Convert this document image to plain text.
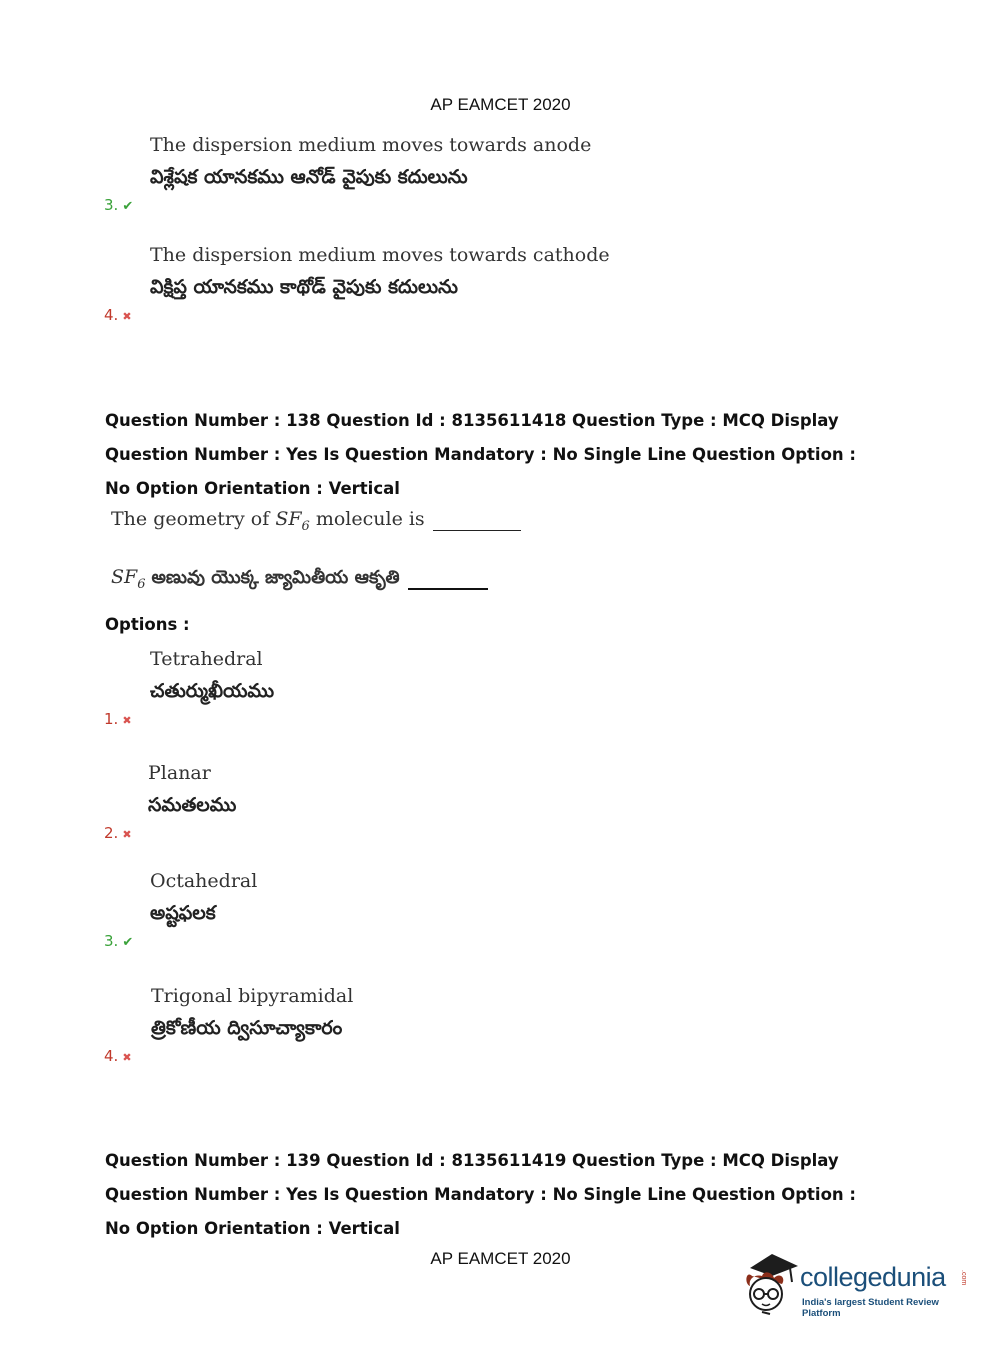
AP EAMCET 2020
The dispersion medium moves towards anode
విశ్లేషక యానకము ఆనోడ్ వైపుకు కదులును
3. ✔
The dispersion medium moves towards cathode
విక్షిప్త యానకము కాథోడ్ వైపుకు కదులును
4. ✖
Question Number : 138 Question Id : 8135611418 Question Type : MCQ Display Question Number : Yes Is Question Mandatory : No Single Line Question Option : No Option Orientation : Vertical
The geometry of $SF_6$ molecule is
$SF_6$ అణువు యొక్క జ్యామితీయ ఆకృతి
Options :
Tetrahedral
చతుర్ముఖీయము
1. ✖
Planar
సమతలము
2. ✖
Octahedral
అష్టఫలక
3. ✔
Trigonal bipyramidal
త్రికోణీయ ద్విసూచ్యాకారం
4. ✖
Question Number : 139 Question Id : 8135611419 Question Type : MCQ Display Question Number : Yes Is Question Mandatory : No Single Line Question Option : No Option Orientation : Vertical
AP EAMCET 2020
collegedunia .com
India's largest Student Review Platform
